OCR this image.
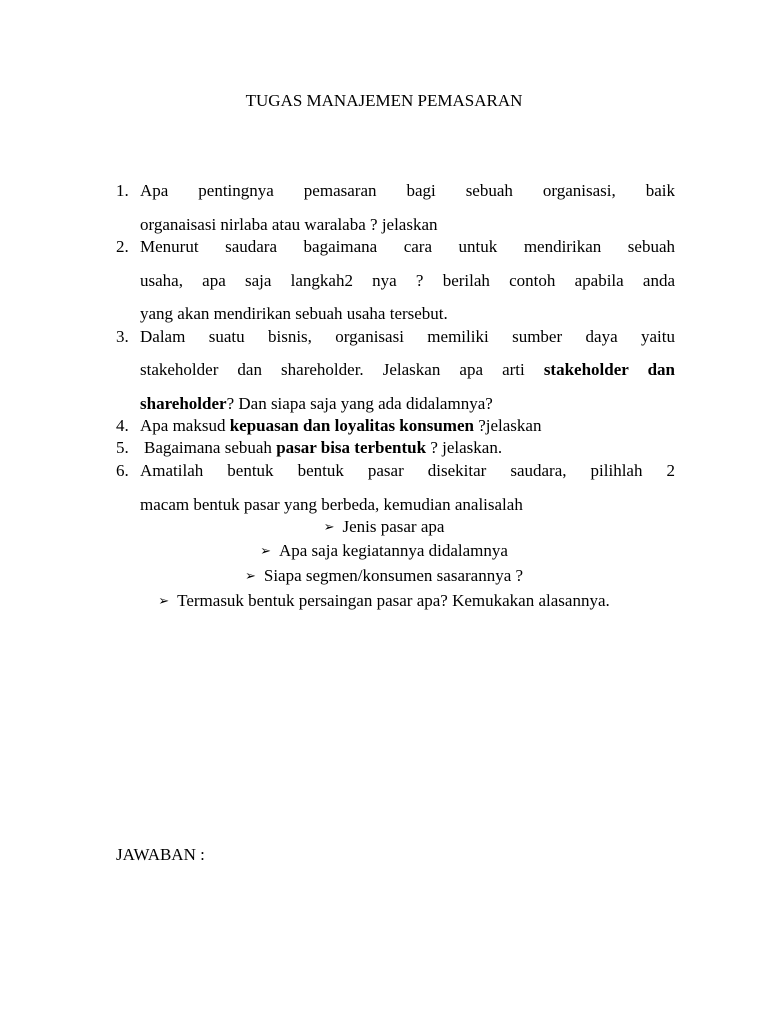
TUGAS MANAJEMEN PEMASARAN
1. Apa pentingnya pemasaran bagi sebuah organisasi, baik
organaisasi nirlaba atau waralaba ? jelaskan
2. Menurut saudara bagaimana cara untuk mendirikan sebuah
usaha, apa saja langkah2 nya ? berilah contoh apabila anda
yang akan mendirikan sebuah usaha tersebut.
3. Dalam suatu bisnis, organisasi memiliki sumber daya yaitu
stakeholder dan shareholder. Jelaskan apa arti stakeholder dan
shareholder? Dan siapa saja yang ada didalamnya?
4. Apa maksud kepuasan dan loyalitas konsumen ?jelaskan
5. Bagaimana sebuah pasar bisa terbentuk ? jelaskan.
6. Amatilah bentuk bentuk pasar disekitar saudara, pilihlah 2
macam bentuk pasar yang berbeda, kemudian analisalah
➢ Jenis pasar apa
➢ Apa saja kegiatannya didalamnya
➢ Siapa segmen/konsumen sasarannya ?
➢ Termasuk bentuk persaingan pasar apa? Kemukakan alasannya.
JAWABAN :
